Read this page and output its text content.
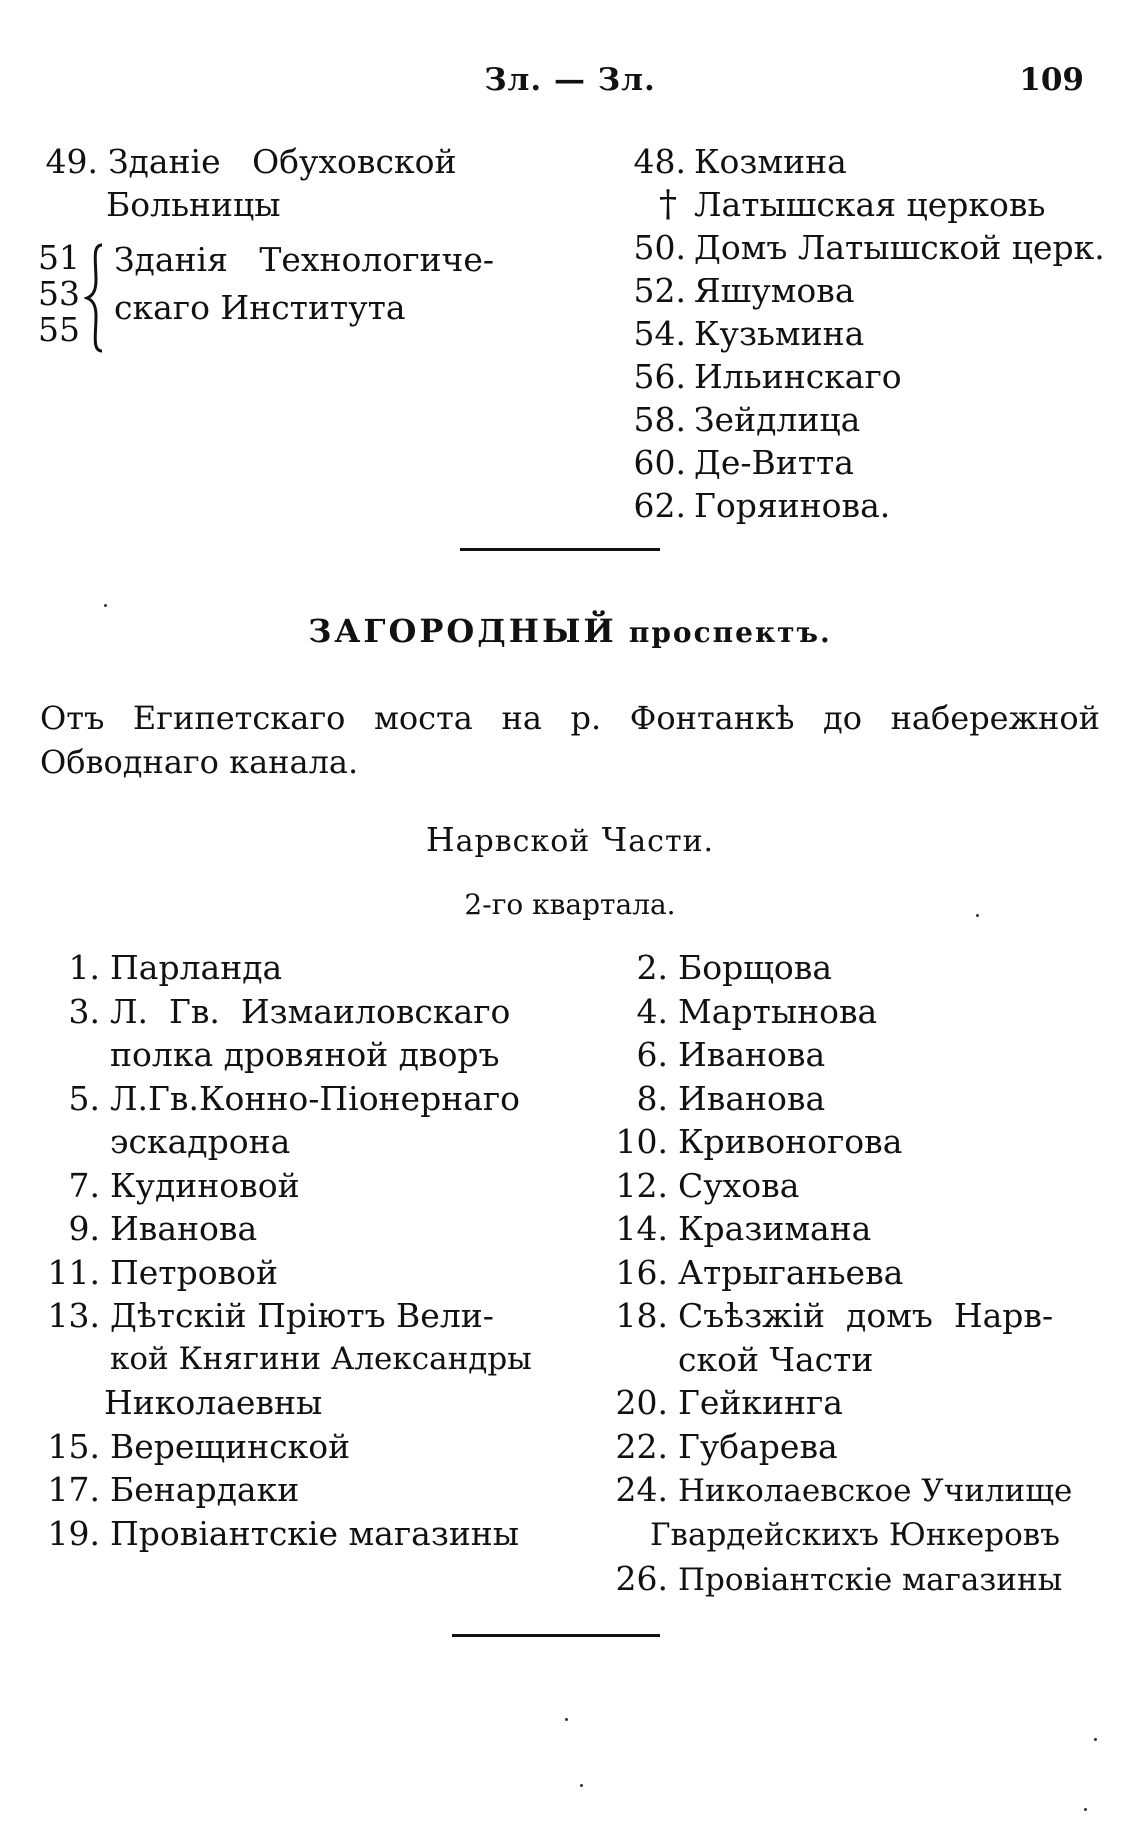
Зл. — Зл.	109
49. Зданіе   Обуховской
Больницы
51
53
55
Зданія   Технологиче-
скаго Института
48. Козмина
† Латышская церковь
50. Домъ Латышской церк.
52. Яшумова
54. Кузьмина
56. Ильинскаго
58. Зейдлица
60. Де-Витта
62. Горяинова.
ЗАГОРОДНЫЙ проспектъ.
Отъ Египетскаго моста на р. Фонтанкѣ до набережной
Обводнаго канала.
Нарвской Части.
2-го квартала.
1. Парланда
3. Л.  Гв.  Измаиловскаго
полка дровяной дворъ
5. Л.Гв.Конно-Піонернаго
эскадрона
7. Кудиновой
9. Иванова
11. Петровой
13. Дѣтскій Пріютъ Вели-
кой Княгини Александры
Николаевны
15. Верещинской
17. Бенардаки
19. Провіантскіе магазины
2. Борщова
4. Мартынова
6. Иванова
8. Иванова
10. Кривоногова
12. Сухова
14. Кразимана
16. Атрыганьева
18. Съѣзжій  домъ  Нарв-
ской Части
20. Гейкинга
22. Губарева
24. Николаевское Училище
Гвардейскихъ Юнкеровъ
26. Провіантскіе магазины
